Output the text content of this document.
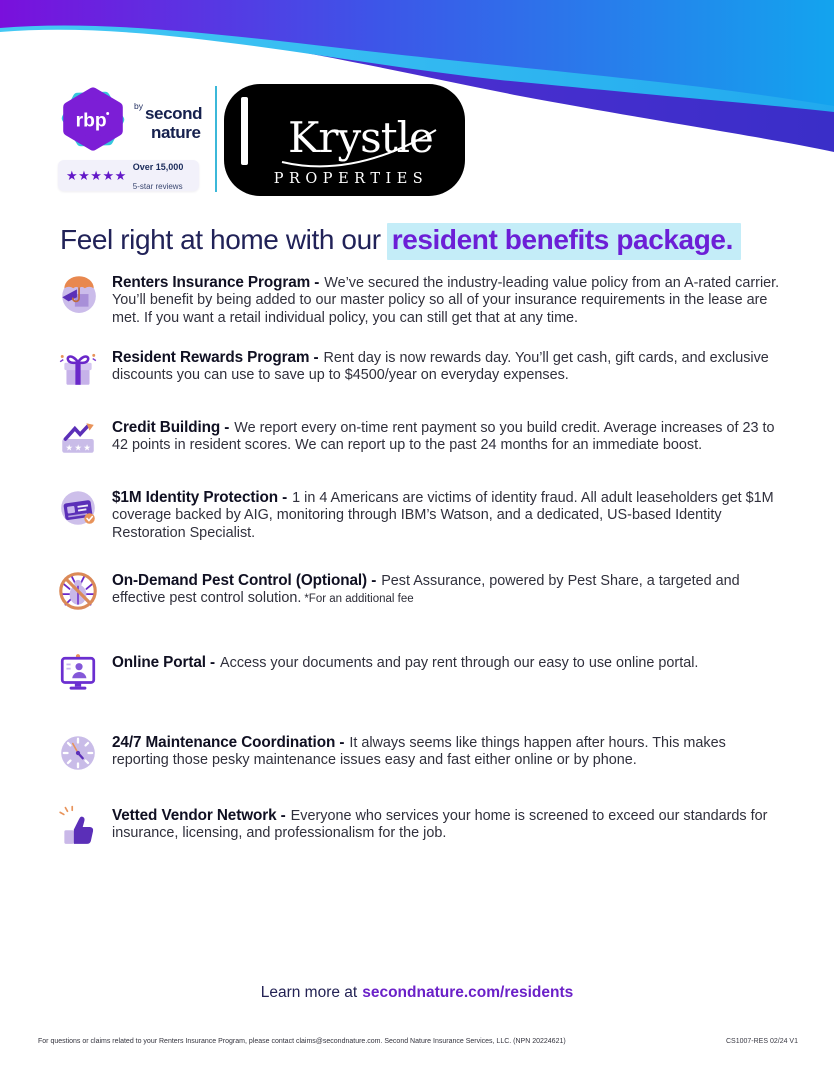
rbp
$^{by}$ second
nature
★★★★★
Over 15,000
5-star reviews
Krystle
PROPERTIES
Feel right at home with our resident benefits package.

Renters Insurance Program - We’ve secured the industry-leading value policy from an A-rated carrier. You’ll benefit by being added to our master policy so all of your insurance requirements in the lease are met. If you want a retail individual policy, you can still get that at any time.

Resident Rewards Program - Rent day is now rewards day. You’ll get cash, gift cards, and exclusive discounts you can use to save up to $4500/year on everyday expenses.

★ ★ ★

Credit Building - We report every on-time rent payment so you build credit. Average increases of 23 to 42 points in resident scores. We can report up to the past 24 months for an immediate boost.

$1M Identity Protection - 1 in 4 Americans are victims of identity fraud. All adult leaseholders get $1M coverage backed by AIG, monitoring through IBM’s Watson, and a dedicated, US-based Identity Restoration Specialist.

On-Demand Pest Control (Optional) - Pest Assurance, powered by Pest Share, a targeted and effective pest control solution. *For an additional fee

Online Portal - Access your documents and pay rent through our easy to use online portal.

24/7 Maintenance Coordination - It always seems like things happen after hours. This makes reporting those pesky maintenance issues easy and fast either online or by phone.

Vetted Vendor Network - Everyone who services your home is screened to exceed our standards for insurance, licensing, and professionalism for the job.

Learn more at secondnature.com/residents
For questions or claims related to your Renters Insurance Program, please contact claims@secondnature.com. Second Nature Insurance Services, LLC. (NPN 20224621)	CS1007-RES 02/24 V1
